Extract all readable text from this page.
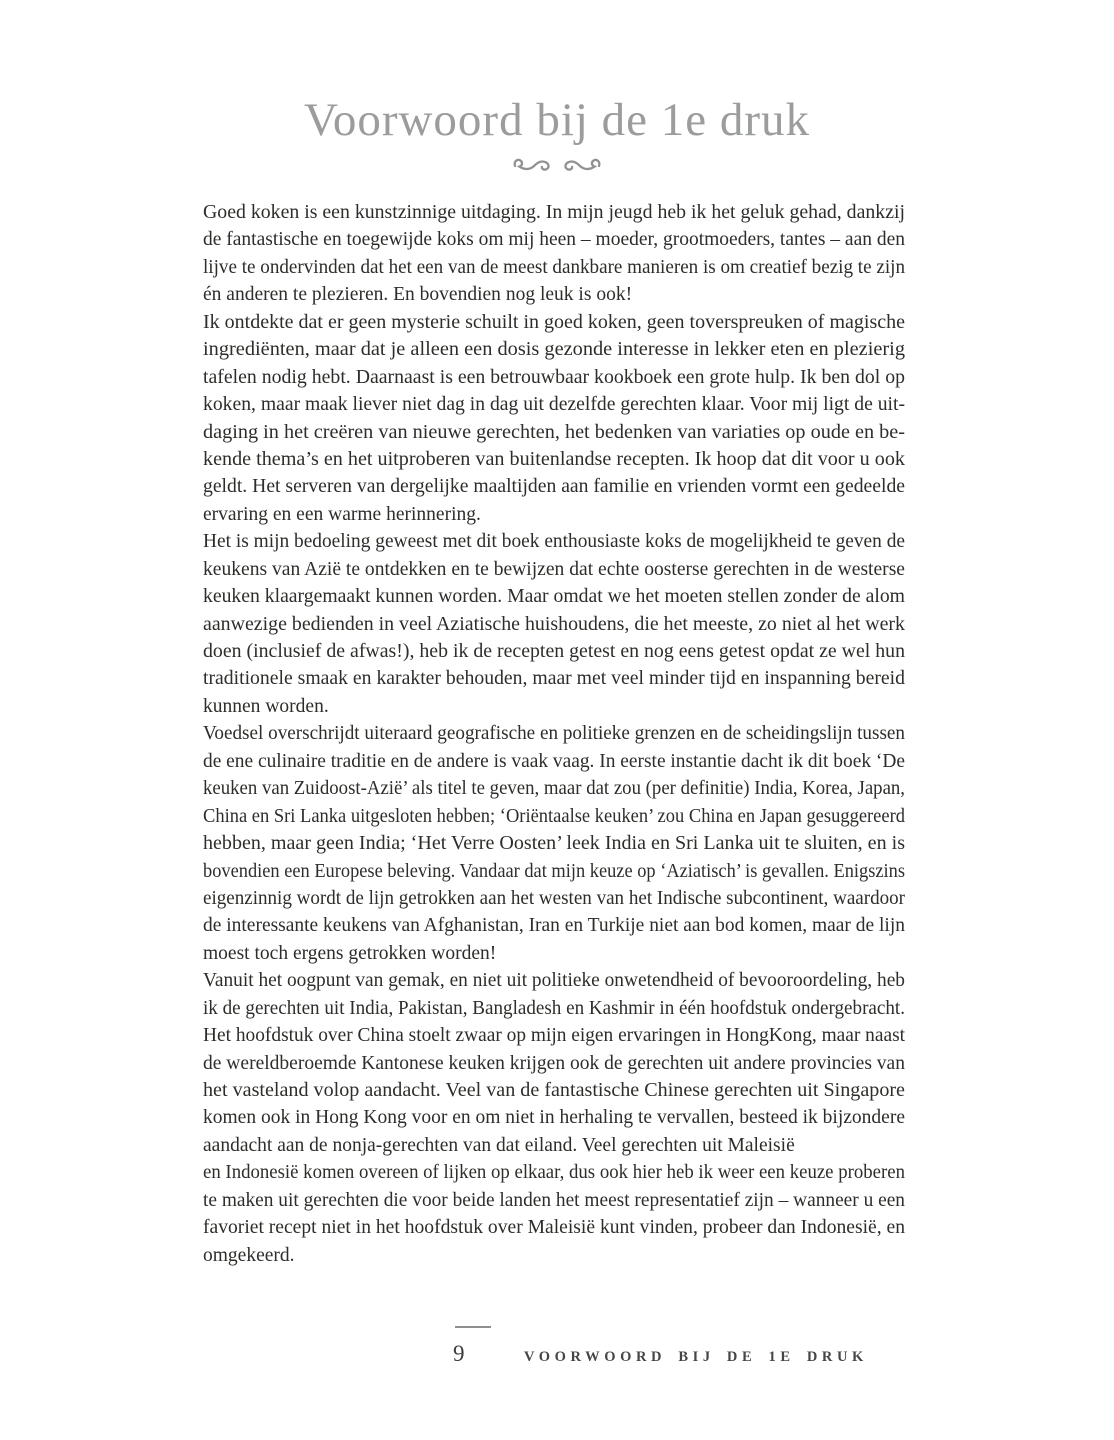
Voorwoord bij de 1e druk
Goed koken is een kunstzinnige uitdaging. In mijn jeugd heb ik het geluk gehad, dankzij
de fantastische en toegewijde koks om mij heen – moeder, grootmoeders, tantes – aan den
lijve te ondervinden dat het een van de meest dankbare manieren is om creatief bezig te zijn
én anderen te plezieren. En bovendien nog leuk is ook!
Ik ontdekte dat er geen mysterie schuilt in goed koken, geen toverspreuken of magische
ingrediënten, maar dat je alleen een dosis gezonde interesse in lekker eten en plezierig
tafelen nodig hebt. Daarnaast is een betrouwbaar kookboek een grote hulp. Ik ben dol op
koken, maar maak liever niet dag in dag uit dezelfde gerechten klaar. Voor mij ligt de uit-
daging in het creëren van nieuwe gerechten, het bedenken van variaties op oude en be-
kende thema’s en het uitproberen van buitenlandse recepten. Ik hoop dat dit voor u ook
geldt. Het serveren van dergelijke maaltijden aan familie en vrienden vormt een gedeelde
ervaring en een warme herinnering.
Het is mijn bedoeling geweest met dit boek enthousiaste koks de mogelijkheid te geven de
keukens van Azië te ontdekken en te bewijzen dat echte oosterse gerechten in de westerse
keuken klaargemaakt kunnen worden. Maar omdat we het moeten stellen zonder de alom
aanwezige bedienden in veel Aziatische huishoudens, die het meeste, zo niet al het werk
doen (inclusief de afwas!), heb ik de recepten getest en nog eens getest opdat ze wel hun
traditionele smaak en karakter behouden, maar met veel minder tijd en inspanning bereid
kunnen worden.
Voedsel overschrijdt uiteraard geografische en politieke grenzen en de scheidingslijn tussen
de ene culinaire traditie en de andere is vaak vaag. In eerste instantie dacht ik dit boek ‘De
keuken van Zuidoost-Azië’ als titel te geven, maar dat zou (per definitie) India, Korea, Japan,
China en Sri Lanka uitgesloten hebben; ‘Oriëntaalse keuken’ zou China en Japan gesuggereerd
hebben, maar geen India; ‘Het Verre Oosten’ leek India en Sri Lanka uit te sluiten, en is
bovendien een Europese beleving. Vandaar dat mijn keuze op ‘Aziatisch’ is gevallen. Enigszins
eigenzinnig wordt de lijn getrokken aan het westen van het Indische subcontinent, waardoor
de interessante keukens van Afghanistan, Iran en Turkije niet aan bod komen, maar de lijn
moest toch ergens getrokken worden!
Vanuit het oogpunt van gemak, en niet uit politieke onwetendheid of bevooroordeling, heb
ik de gerechten uit India, Pakistan, Bangladesh en Kashmir in één hoofdstuk ondergebracht.
Het hoofdstuk over China stoelt zwaar op mijn eigen ervaringen in HongKong, maar naast
de wereldberoemde Kantonese keuken krijgen ook de gerechten uit andere provincies van
het vasteland volop aandacht. Veel van de fantastische Chinese gerechten uit Singapore
komen ook in Hong Kong voor en om niet in herhaling te vervallen, besteed ik bijzondere
aandacht aan de nonja-gerechten van dat eiland. Veel gerechten uit Maleisië
en Indonesië komen overeen of lijken op elkaar, dus ook hier heb ik weer een keuze proberen
te maken uit gerechten die voor beide landen het meest representatief zijn – wanneer u een
favoriet recept niet in het hoofdstuk over Maleisië kunt vinden, probeer dan Indonesië, en
omgekeerd.
9	VOORWOORD BIJ DE 1E DRUK
